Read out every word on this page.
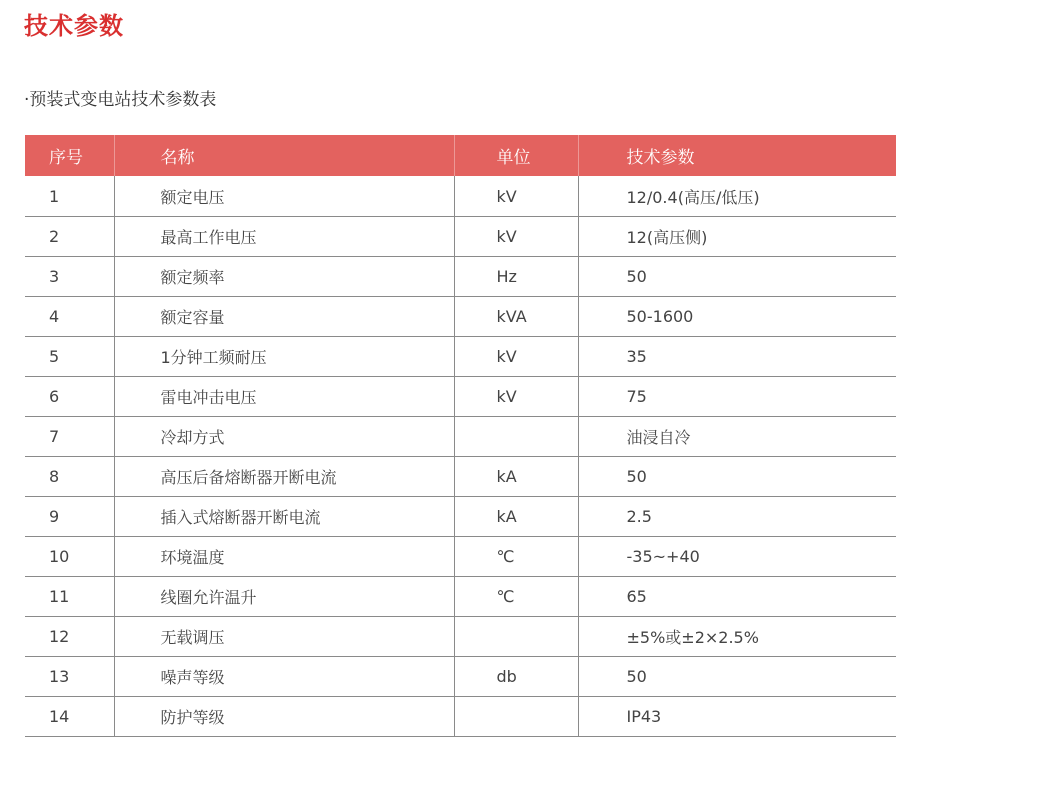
技术参数
·预装式变电站技术参数表
序号	名称	单位	技术参数
1	额定电压	kV	12/0.4(高压/低压)
2	最高工作电压	kV	12(高压侧)
3	额定频率	Hz	50
4	额定容量	kVA	50-1600
5	1分钟工频耐压	kV	35
6	雷电冲击电压	kV	75
7	冷却方式		油浸自冷
8	高压后备熔断器开断电流	kA	50
9	插入式熔断器开断电流	kA	2.5
10	环境温度	℃	-35~+40
11	线圈允许温升	℃	65
12	无载调压		±5%或±2×2.5%
13	噪声等级	db	50
14	防护等级		IP43
